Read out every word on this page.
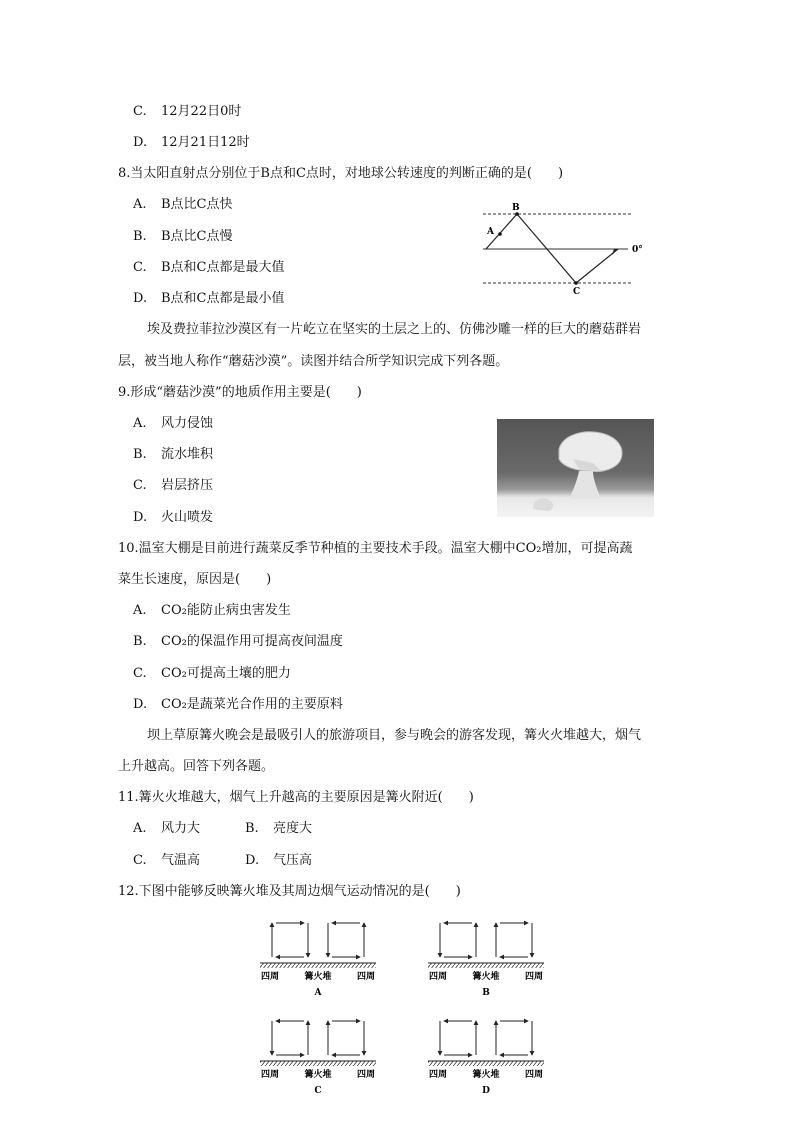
C. 12月22日0时
D. 12月21日12时
8.当太阳直射点分别位于B点和C点时，对地球公转速度的判断正确的是(　　)
A. B点比C点快
B. B点比C点慢
C. B点和C点都是最大值
D. B点和C点都是最小值
A
B
C
0°
埃及费拉菲拉沙漠区有一片屹立在坚实的土层之上的、仿佛沙雕一样的巨大的蘑菇群岩
层，被当地人称作“蘑菇沙漠”。读图并结合所学知识完成下列各题。
9.形成“蘑菇沙漠”的地质作用主要是(　　)
A. 风力侵蚀
B. 流水堆积
C. 岩层挤压
D. 火山喷发
10.温室大棚是目前进行蔬菜反季节种植的主要技术手段。温室大棚中CO₂增加，可提高蔬
菜生长速度，原因是(　　)
A. CO₂能防止病虫害发生
B. CO₂的保温作用可提高夜间温度
C. CO₂可提高土壤的肥力
D. CO₂是蔬菜光合作用的主要原料
坝上草原篝火晚会是最吸引人的旅游项目，参与晚会的游客发现，篝火火堆越大，烟气
上升越高。回答下列各题。
11.篝火火堆越大，烟气上升越高的主要原因是篝火附近(　　)
A. 风力大	B. 亮度大
C. 气温高	D. 气压高
12.下图中能够反映篝火堆及其周边烟气运动情况的是(　　)
四周	篝火堆	四周
A
四周	篝火堆	四周
B
四周	篝火堆	四周
C
四周	篝火堆	四周
D
